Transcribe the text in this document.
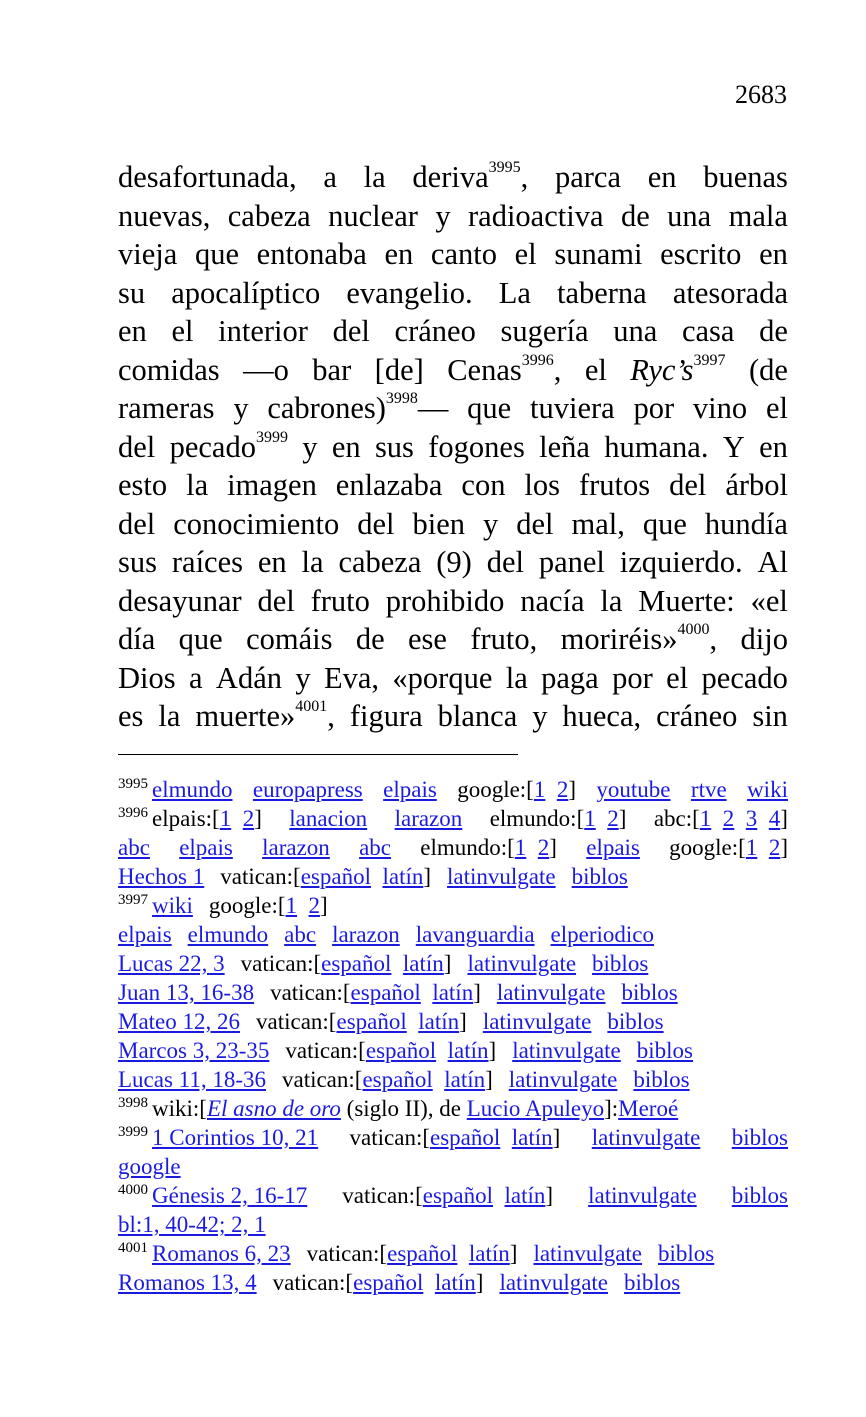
2683
desafortunada, a la deriva$^{3995}$, parca en buenas
nuevas, cabeza nuclear y radioactiva de una mala
vieja que entonaba en canto el sunami escrito en
su apocalíptico evangelio. La taberna atesorada
en el interior del cráneo sugería una casa de
comidas —o bar [de] Cenas$^{3996}$, el $Ryc’s^{3997}$ (de
rameras y cabrones)$^{3998}$— que tuviera por vino el
del pecado$^{3999}$ y en sus fogones leña humana. Y en
esto la imagen enlazaba con los frutos del árbol
del conocimiento del bien y del mal, que hundía
sus raíces en la cabeza (9) del panel izquierdo. Al
desayunar del fruto prohibido nacía la Muerte: «el
día que comáis de ese fruto, moriréis»$^{4000}$, dijo
Dios a Adán y Eva, «porque la paga por el pecado
es la muerte»$^{4001}$, figura blanca y hueca, cráneo sin
$^{3995}$ elmundo europapress elpais google:[1 2] youtube rtve wiki
$^{3996}$ elpais:[1 2] lanacion larazon elmundo:[1 2] abc:[1 2 3 4]
abc elpais larazon abc elmundo:[1 2] elpais google:[1 2]
Hechos 1 vatican:[español latín] latinvulgate biblos
$^{3997}$ wiki google:[1 2]
elpais elmundo abc larazon lavanguardia elperiodico
Lucas 22, 3 vatican:[español latín] latinvulgate biblos
Juan 13, 16-38 vatican:[español latín] latinvulgate biblos
Mateo 12, 26 vatican:[español latín] latinvulgate biblos
Marcos 3, 23-35 vatican:[español latín] latinvulgate biblos
Lucas 11, 18-36 vatican:[español latín] latinvulgate biblos
$^{3998}$ wiki:[El asno de oro (siglo II), de Lucio Apuleyo]:Meroé
$^{3999}$ 1 Corintios 10, 21 vatican:[español latín] latinvulgate biblos
google
$^{4000}$ Génesis 2, 16-17 vatican:[español latín] latinvulgate biblos
bl:1, 40-42; 2, 1
$^{4001}$ Romanos 6, 23 vatican:[español latín] latinvulgate biblos
Romanos 13, 4 vatican:[español latín] latinvulgate biblos
